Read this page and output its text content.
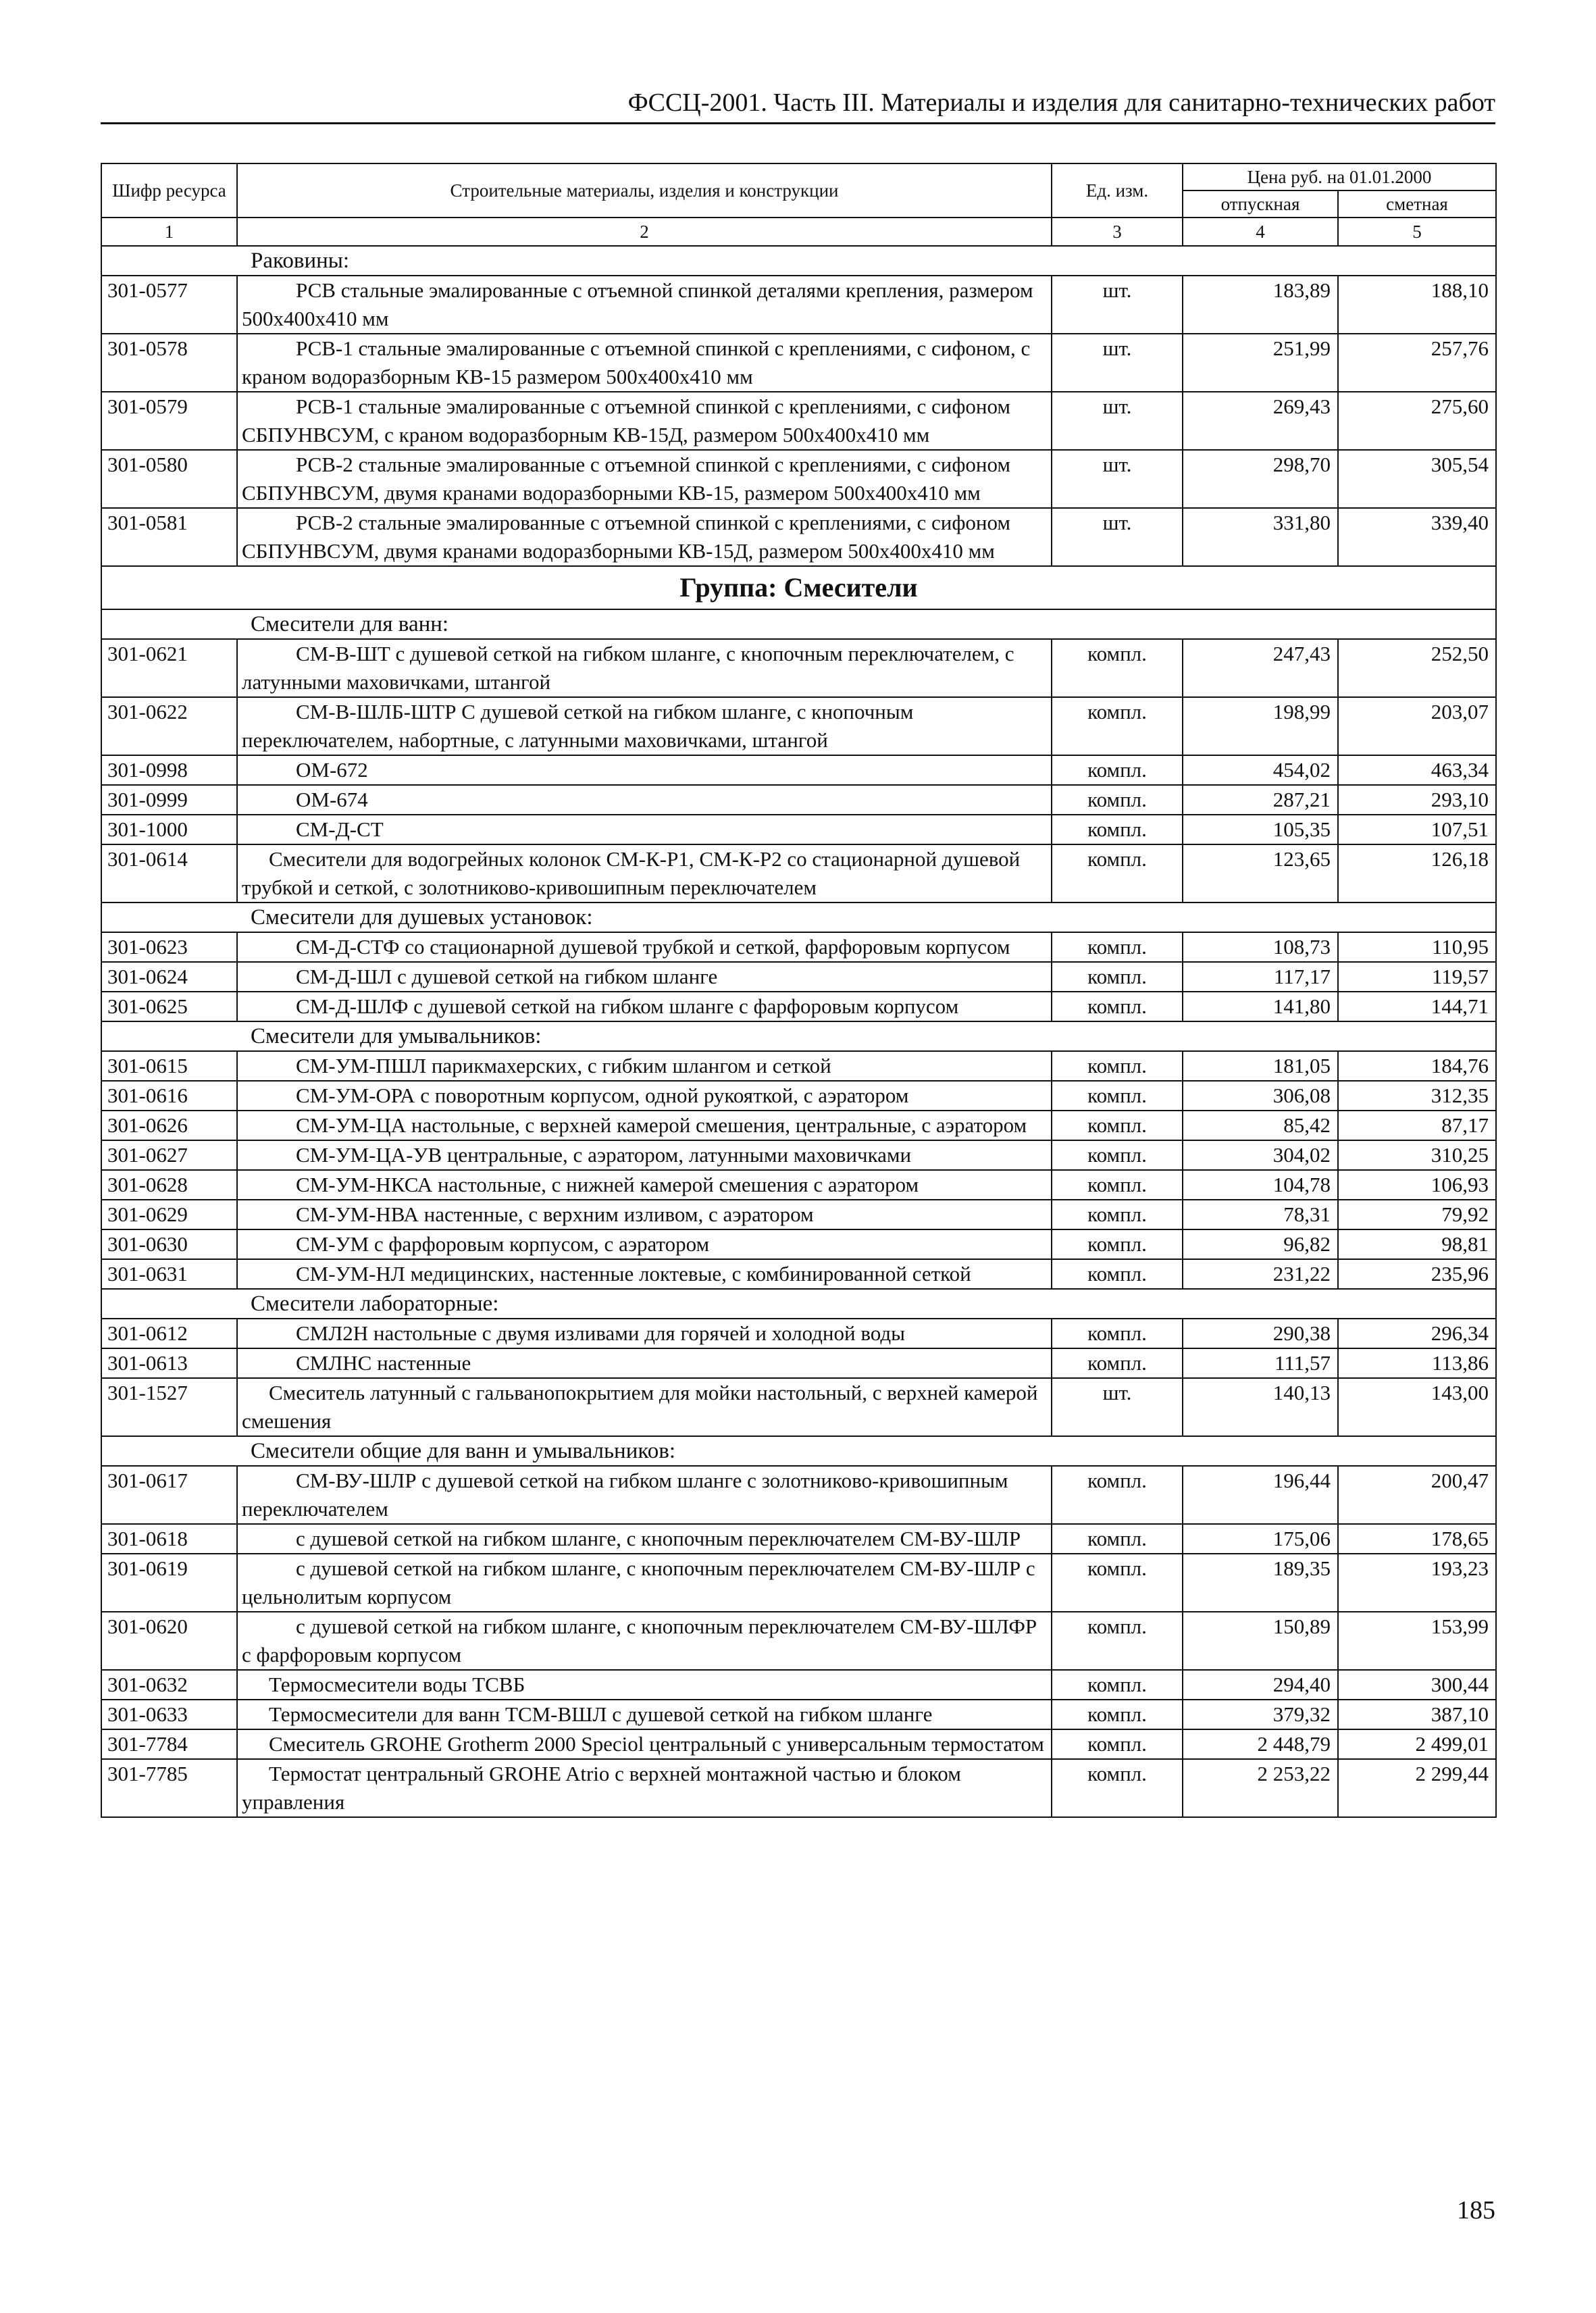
ФССЦ-2001. Часть III. Материалы и изделия для санитарно-технических работ
Шифр ресурса	Строительные материалы, изделия и конструкции	Ед. изм.	Цена руб. на 01.01.2000	
			отпускная	сметная
1	2	3	4	5
Раковины:				
301-0577	РСВ стальные эмалированные с отъемной спинкой деталями крепления, размером 500х400х410 мм	шт.	183,89	188,10
301-0578	РСВ-1 стальные эмалированные с отъемной спинкой с креплениями, с сифоном, с краном водоразборным КВ-15 размером 500х400х410 мм	шт.	251,99	257,76
301-0579	РСВ-1 стальные эмалированные с отъемной спинкой с креплениями, с сифоном СБПУНВСУМ, с краном водоразборным КВ-15Д, размером 500х400х410 мм	шт.	269,43	275,60
301-0580	РСВ-2 стальные эмалированные с отъемной спинкой с креплениями, с сифоном СБПУНВСУМ, двумя кранами водоразборными КВ-15, размером 500х400х410 мм	шт.	298,70	305,54
301-0581	РСВ-2 стальные эмалированные с отъемной спинкой с креплениями, с сифоном СБПУНВСУМ, двумя кранами водоразборными КВ-15Д, размером 500х400х410 мм	шт.	331,80	339,40
Группа: Смесители				
Смесители для ванн:				
301-0621	СМ-В-ШТ с душевой сеткой на гибком шланге, с кнопочным переключателем, с латунными маховичками, штангой	компл.	247,43	252,50
301-0622	СМ-В-ШЛБ-ШТР С душевой сеткой на гибком шланге, с кнопочным переключателем, набортные, с латунными маховичками, штангой	компл.	198,99	203,07
301-0998	ОМ-672	компл.	454,02	463,34
301-0999	ОМ-674	компл.	287,21	293,10
301-1000	СМ-Д-СТ	компл.	105,35	107,51
301-0614	Смесители для водогрейных колонок СМ-К-Р1, СМ-К-Р2 со стационарной душевой трубкой и сеткой, с золотниково-кривошипным переключателем	компл.	123,65	126,18
Смесители для душевых установок:				
301-0623	СМ-Д-СТФ со стационарной душевой трубкой и сеткой, фарфоровым корпусом	компл.	108,73	110,95
301-0624	СМ-Д-ШЛ с душевой сеткой на гибком шланге	компл.	117,17	119,57
301-0625	СМ-Д-ШЛФ с душевой сеткой на гибком шланге с фарфоровым корпусом	компл.	141,80	144,71
Смесители для умывальников:				
301-0615	СМ-УМ-ПШЛ парикмахерских, с гибким шлангом и сеткой	компл.	181,05	184,76
301-0616	СМ-УМ-ОРА с поворотным корпусом, одной рукояткой, с аэратором	компл.	306,08	312,35
301-0626	СМ-УМ-ЦА настольные, с верхней камерой смешения, центральные, с аэратором	компл.	85,42	87,17
301-0627	СМ-УМ-ЦА-УВ центральные, с аэратором, латунными маховичками	компл.	304,02	310,25
301-0628	СМ-УМ-НКСА настольные, с нижней камерой смешения с аэратором	компл.	104,78	106,93
301-0629	СМ-УМ-НВА настенные, с верхним изливом, с аэратором	компл.	78,31	79,92
301-0630	СМ-УМ с фарфоровым корпусом, с аэратором	компл.	96,82	98,81
301-0631	СМ-УМ-НЛ медицинских, настенные локтевые, с комбинированной сеткой	компл.	231,22	235,96
Смесители лабораторные:				
301-0612	СМЛ2Н настольные с двумя изливами для горячей и холодной воды	компл.	290,38	296,34
301-0613	СМЛНС настенные	компл.	111,57	113,86
301-1527	Смеситель латунный с гальванопокрытием для мойки настольный, с верхней камерой смешения	шт.	140,13	143,00
Смесители общие для ванн и умывальников:				
301-0617	СМ-ВУ-ШЛР с душевой сеткой на гибком шланге с золотниково-кривошипным переключателем	компл.	196,44	200,47
301-0618	с душевой сеткой на гибком шланге, с кнопочным переключателем СМ-ВУ-ШЛР	компл.	175,06	178,65
301-0619	с душевой сеткой на гибком шланге, с кнопочным переключателем СМ-ВУ-ШЛР с цельнолитым корпусом	компл.	189,35	193,23
301-0620	с душевой сеткой на гибком шланге, с кнопочным переключателем СМ-ВУ-ШЛФР с фарфоровым корпусом	компл.	150,89	153,99
301-0632	Термосмесители воды ТСВБ	компл.	294,40	300,44
301-0633	Термосмесители для ванн ТСМ-ВШЛ с душевой сеткой на гибком шланге	компл.	379,32	387,10
301-7784	Смеситель GROHE Grotherm 2000 Speciol центральный с универсальным термостатом	компл.	2 448,79	2 499,01
301-7785	Термостат центральный GROHE Atrio с верхней монтажной частью и блоком управления	компл.	2 253,22	2 299,44
185
